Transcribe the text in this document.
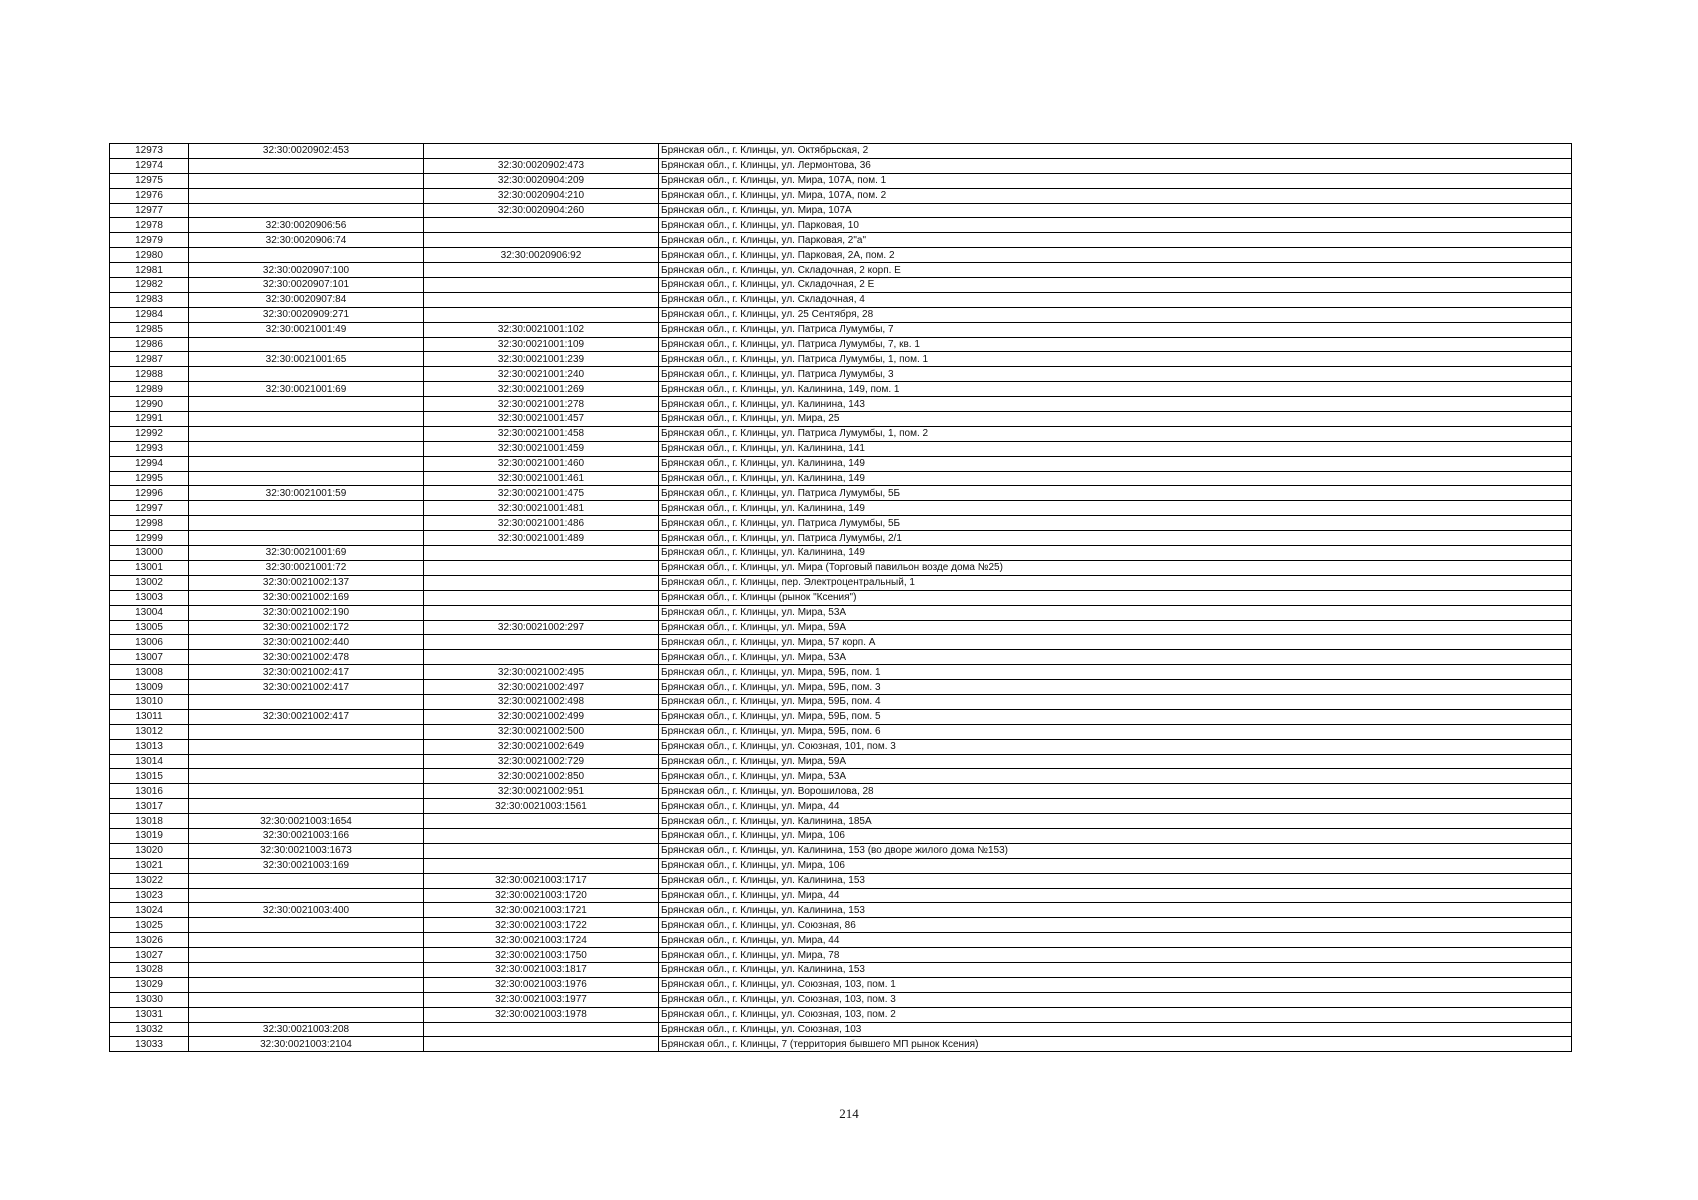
12973	32:30:0020902:453		Брянская обл., г. Клинцы, ул. Октябрьская, 2
12974		32:30:0020902:473	Брянская обл., г. Клинцы, ул. Лермонтова, 36
12975		32:30:0020904:209	Брянская обл., г. Клинцы, ул. Мира, 107А, пом. 1
12976		32:30:0020904:210	Брянская обл., г. Клинцы, ул. Мира, 107А, пом. 2
12977		32:30:0020904:260	Брянская обл., г. Клинцы, ул. Мира, 107А
12978	32:30:0020906:56		Брянская обл., г. Клинцы, ул. Парковая, 10
12979	32:30:0020906:74		Брянская обл., г. Клинцы, ул. Парковая, 2"а"
12980		32:30:0020906:92	Брянская обл., г. Клинцы, ул. Парковая, 2А, пом. 2
12981	32:30:0020907:100		Брянская обл., г. Клинцы, ул. Складочная, 2 корп. Е
12982	32:30:0020907:101		Брянская обл., г. Клинцы, ул. Складочная, 2 Е
12983	32:30:0020907:84		Брянская обл., г. Клинцы, ул. Складочная, 4
12984	32:30:0020909:271		Брянская обл., г. Клинцы, ул. 25 Сентября, 28
12985	32:30:0021001:49	32:30:0021001:102	Брянская обл., г. Клинцы, ул. Патриса Лумумбы, 7
12986		32:30:0021001:109	Брянская обл., г. Клинцы, ул. Патриса Лумумбы, 7, кв. 1
12987	32:30:0021001:65	32:30:0021001:239	Брянская обл., г. Клинцы, ул. Патриса Лумумбы, 1, пом. 1
12988		32:30:0021001:240	Брянская обл., г. Клинцы, ул. Патриса Лумумбы, 3
12989	32:30:0021001:69	32:30:0021001:269	Брянская обл., г. Клинцы, ул. Калинина, 149, пом. 1
12990		32:30:0021001:278	Брянская обл., г. Клинцы, ул. Калинина, 143
12991		32:30:0021001:457	Брянская обл., г. Клинцы, ул. Мира, 25
12992		32:30:0021001:458	Брянская обл., г. Клинцы, ул. Патриса Лумумбы, 1, пом. 2
12993		32:30:0021001:459	Брянская обл., г. Клинцы, ул. Калинина, 141
12994		32:30:0021001:460	Брянская обл., г. Клинцы, ул. Калинина, 149
12995		32:30:0021001:461	Брянская обл., г. Клинцы, ул. Калинина, 149
12996	32:30:0021001:59	32:30:0021001:475	Брянская обл., г. Клинцы, ул. Патриса Лумумбы, 5Б
12997		32:30:0021001:481	Брянская обл., г. Клинцы, ул. Калинина, 149
12998		32:30:0021001:486	Брянская обл., г. Клинцы, ул. Патриса Лумумбы, 5Б
12999		32:30:0021001:489	Брянская обл., г. Клинцы, ул. Патриса Лумумбы, 2/1
13000	32:30:0021001:69		Брянская обл., г. Клинцы, ул. Калинина, 149
13001	32:30:0021001:72		Брянская обл., г. Клинцы, ул. Мира (Торговый павильон возде дома №25)
13002	32:30:0021002:137		Брянская обл., г. Клинцы, пер. Электроцентральный, 1
13003	32:30:0021002:169		Брянская обл., г. Клинцы (рынок "Ксения")
13004	32:30:0021002:190		Брянская обл., г. Клинцы, ул. Мира, 53А
13005	32:30:0021002:172	32:30:0021002:297	Брянская обл., г. Клинцы, ул. Мира, 59А
13006	32:30:0021002:440		Брянская обл., г. Клинцы, ул. Мира, 57 корп. А
13007	32:30:0021002:478		Брянская обл., г. Клинцы, ул. Мира, 53А
13008	32:30:0021002:417	32:30:0021002:495	Брянская обл., г. Клинцы, ул. Мира, 59Б, пом. 1
13009	32:30:0021002:417	32:30:0021002:497	Брянская обл., г. Клинцы, ул. Мира, 59Б, пом. 3
13010		32:30:0021002:498	Брянская обл., г. Клинцы, ул. Мира, 59Б, пом. 4
13011	32:30:0021002:417	32:30:0021002:499	Брянская обл., г. Клинцы, ул. Мира, 59Б, пом. 5
13012		32:30:0021002:500	Брянская обл., г. Клинцы, ул. Мира, 59Б, пом. 6
13013		32:30:0021002:649	Брянская обл., г. Клинцы, ул. Союзная, 101, пом. 3
13014		32:30:0021002:729	Брянская обл., г. Клинцы, ул. Мира, 59А
13015		32:30:0021002:850	Брянская обл., г. Клинцы, ул. Мира, 53А
13016		32:30:0021002:951	Брянская обл., г. Клинцы, ул. Ворошилова, 28
13017		32:30:0021003:1561	Брянская обл., г. Клинцы, ул. Мира, 44
13018	32:30:0021003:1654		Брянская обл., г. Клинцы, ул. Калинина, 185А
13019	32:30:0021003:166		Брянская обл., г. Клинцы, ул. Мира, 106
13020	32:30:0021003:1673		Брянская обл., г. Клинцы, ул. Калинина, 153 (во дворе жилого дома №153)
13021	32:30:0021003:169		Брянская обл., г. Клинцы, ул. Мира, 106
13022		32:30:0021003:1717	Брянская обл., г. Клинцы, ул. Калинина, 153
13023		32:30:0021003:1720	Брянская обл., г. Клинцы, ул. Мира, 44
13024	32:30:0021003:400	32:30:0021003:1721	Брянская обл., г. Клинцы, ул. Калинина, 153
13025		32:30:0021003:1722	Брянская обл., г. Клинцы, ул. Союзная, 86
13026		32:30:0021003:1724	Брянская обл., г. Клинцы, ул. Мира, 44
13027		32:30:0021003:1750	Брянская обл., г. Клинцы, ул. Мира, 78
13028		32:30:0021003:1817	Брянская обл., г. Клинцы, ул. Калинина, 153
13029		32:30:0021003:1976	Брянская обл., г. Клинцы, ул. Союзная, 103, пом. 1
13030		32:30:0021003:1977	Брянская обл., г. Клинцы, ул. Союзная, 103, пом. 3
13031		32:30:0021003:1978	Брянская обл., г. Клинцы, ул. Союзная, 103, пом. 2
13032	32:30:0021003:208		Брянская обл., г. Клинцы, ул. Союзная, 103
13033	32:30:0021003:2104		Брянская обл., г. Клинцы, 7 (территория бывшего МП рынок Ксения)
214
